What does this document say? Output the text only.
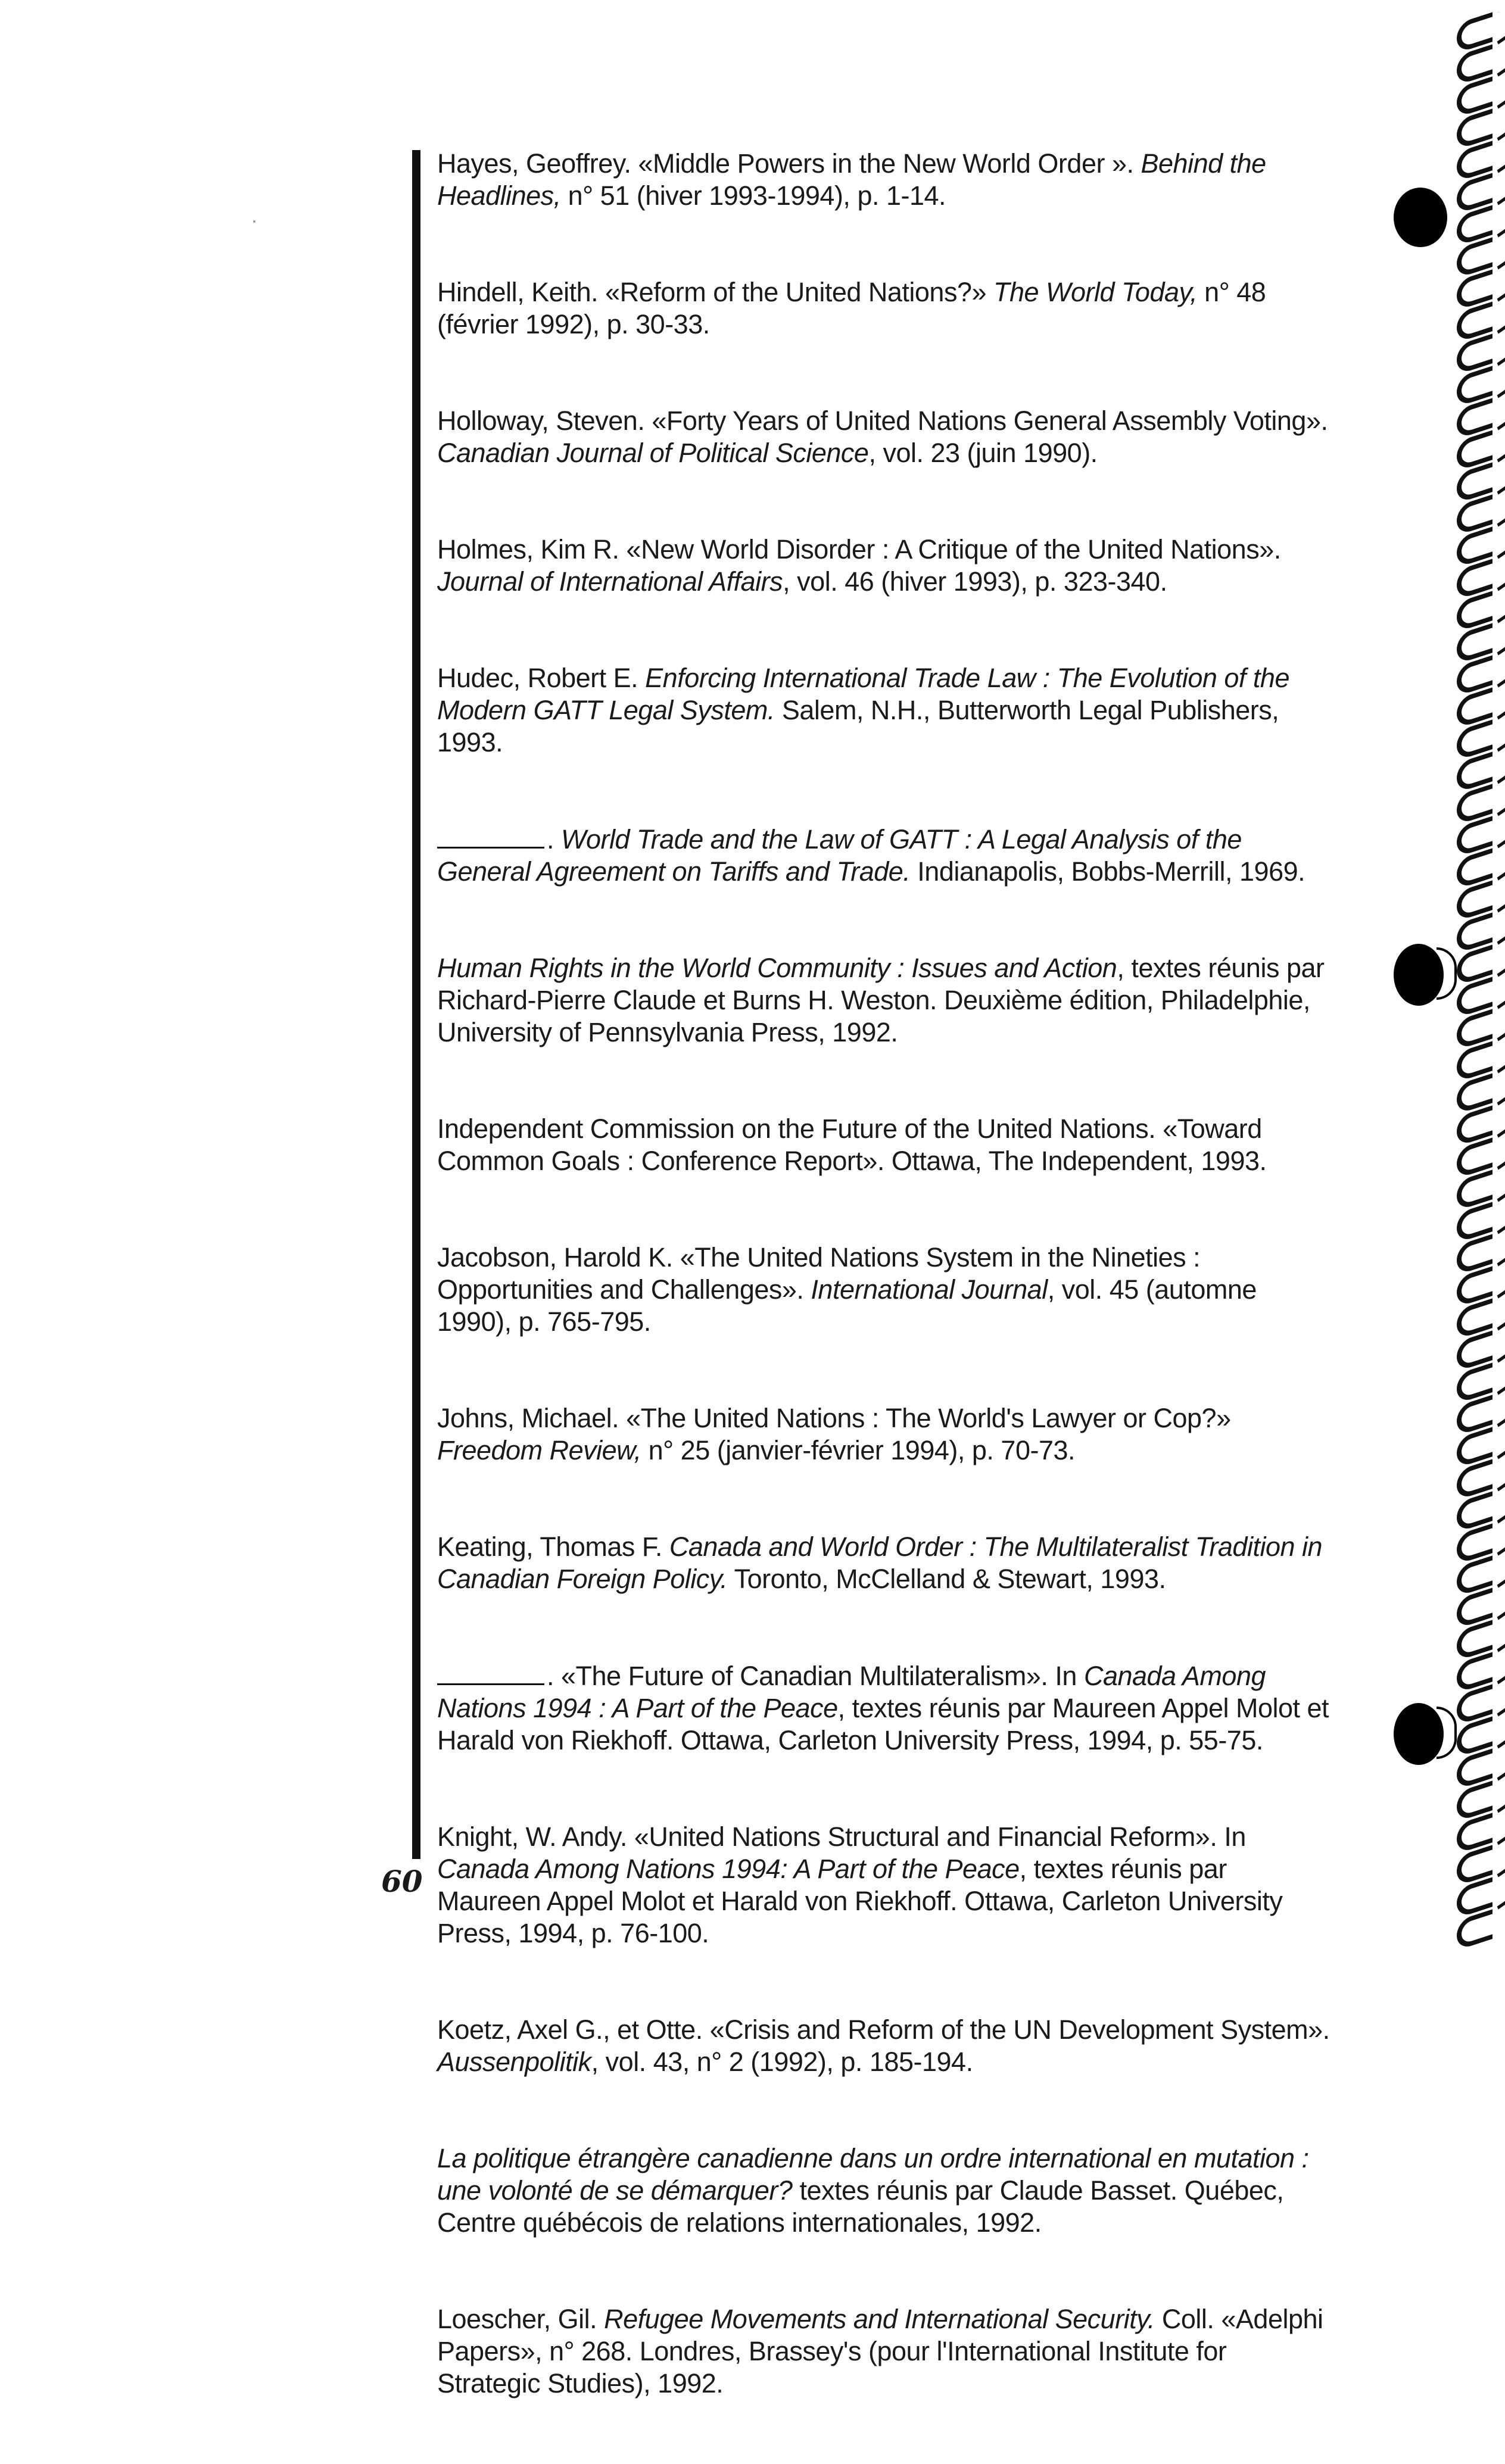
Hayes, Geoffrey. «Middle Powers in the New World Order ». Behind the Headlines, n° 51 (hiver 1993-1994), p. 1-14.

Hindell, Keith. «Reform of the United Nations?» The World Today, n° 48 (février 1992), p. 30-33.

Holloway, Steven. «Forty Years of United Nations General Assembly Voting». Canadian Journal of Political Science, vol. 23 (juin 1990).

Holmes, Kim R. «New World Disorder : A Critique of the United Nations». Journal of International Affairs, vol. 46 (hiver 1993), p. 323-340.

Hudec, Robert E. Enforcing International Trade Law : The Evolution of the Modern GATT Legal System. Salem, N.H., Butterworth Legal Publishers, 1993.

. World Trade and the Law of GATT : A Legal Analysis of the General Agreement on Tariffs and Trade. Indianapolis, Bobbs-Merrill, 1969.

Human Rights in the World Community : Issues and Action, textes réunis par Richard-Pierre Claude et Burns H. Weston. Deuxième édition, Philadelphie, University of Pennsylvania Press, 1992.

Independent Commission on the Future of the United Nations. «Toward Common Goals : Conference Report». Ottawa, The Independent, 1993.

Jacobson, Harold K. «The United Nations System in the Nineties : Opportunities and Challenges». International Journal, vol. 45 (automne 1990), p. 765-795.

Johns, Michael. «The United Nations : The World's Lawyer or Cop?» Freedom Review, n° 25 (janvier-février 1994), p. 70-73.

Keating, Thomas F. Canada and World Order : The Multilateralist Tradition in Canadian Foreign Policy. Toronto, McClelland & Stewart, 1993.

. «The Future of Canadian Multilateralism». In Canada Among Nations 1994 : A Part of the Peace, textes réunis par Maureen Appel Molot et Harald von Riekhoff. Ottawa, Carleton University Press, 1994, p. 55-75.

Knight, W. Andy. «United Nations Structural and Financial Reform». In Canada Among Nations 1994: A Part of the Peace, textes réunis par Maureen Appel Molot et Harald von Riekhoff. Ottawa, Carleton University Press, 1994, p. 76-100.

Koetz, Axel G., et Otte. «Crisis and Reform of the UN Development System». Aussenpolitik, vol. 43, n° 2 (1992), p. 185-194.

La politique étrangère canadienne dans un ordre international en mutation : une volonté de se démarquer? textes réunis par Claude Basset. Québec, Centre québécois de relations internationales, 1992.

Loescher, Gil. Refugee Movements and International Security. Coll. «Adelphi Papers», n° 268. Londres, Brassey's (pour l'International Institute for Strategic Studies), 1992.

60
